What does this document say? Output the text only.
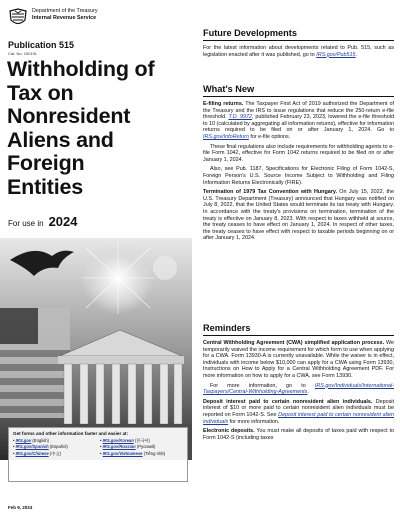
Department of the Treasury
Internal Revenue Service
Publication 515
Cat. No. 15019L
Withholding of
Tax on
Nonresident
Aliens and
Foreign
Entities
For use in 2024
Get forms and other information faster and easier at:
• IRS.gov (English)	• IRS.gov/Korean (한국어)
• IRS.gov/Spanish (Español)	• IRS.gov/Russian (Pусский)
• IRS.gov/Chinese (中文)	• IRS.gov/Vietnamese (Tiếng Việt)
Feb 9, 2024
Future Developments

For the latest information about developments related to Pub. 515, such as legislation enacted after it was published, go to IRS.gov/Pub515.

What's New

E-filing returns. The Taxpayer First Act of 2019 authorized the Department of the Treasury and the IRS to issue regulations that reduce the 250-return e-file threshold. T.D. 9972, published February 23, 2023, lowered the e-file threshold to 10 (calculated by aggregating all information returns), effective for information returns required to be filed on or after January 1, 2024. Go to IRS.gov/InfoReturn for e-file options.

These final regulations also include requirements for withholding agents to e-file Form 1042, effective for Form 1042 returns required to be filed on or after January 1, 2024.

Also, see Pub. 1187, Specifications for Electronic Filing of Form 1042-S, Foreign Person's U.S. Source Income Subject to Withholding and Filing Information Returns Electronically (FIRE).

Termination of 1979 Tax Convention with Hungary. On July 15, 2022, the U.S. Treasury Department (Treasury) announced that Hungary was notified on July 8, 2022, that the United States would terminate its tax treaty with Hungary. In accordance with the treaty's provisions on termination, termination of the treaty is effective on January 8, 2023. With respect to taxes withheld at source, the treaty ceases to have effect on January 1, 2024. In respect of other taxes, the treaty ceases to have effect with respect to taxable periods beginning on or after January 1, 2024.

Reminders

Central Withholding Agreement (CWA) simplified application process. We temporarily waived the income requirement for which form to use when applying for a CWA. Form 13930-A is currently unavailable. While the waiver is in effect, individuals with income below $10,000 can apply for a CWA using Form 13930, Instructions on How to Apply for a Central Withholding Agreement PDF. For more information on how to apply for a CWA, see Form 13930.

For more information, go to IRS.gov/Individuals/International-Taxpayers/Central-Withholding-Agreements.

Deposit interest paid to certain nonresident alien individuals. Deposit interest of $10 or more paid to certain nonresident alien individuals must be reported on Form 1042-S. See Deposit interest paid to certain nonresident alien individuals for more information.

Electronic deposits. You must make all deposits of taxes paid with respect to Form 1042-S (including taxes
